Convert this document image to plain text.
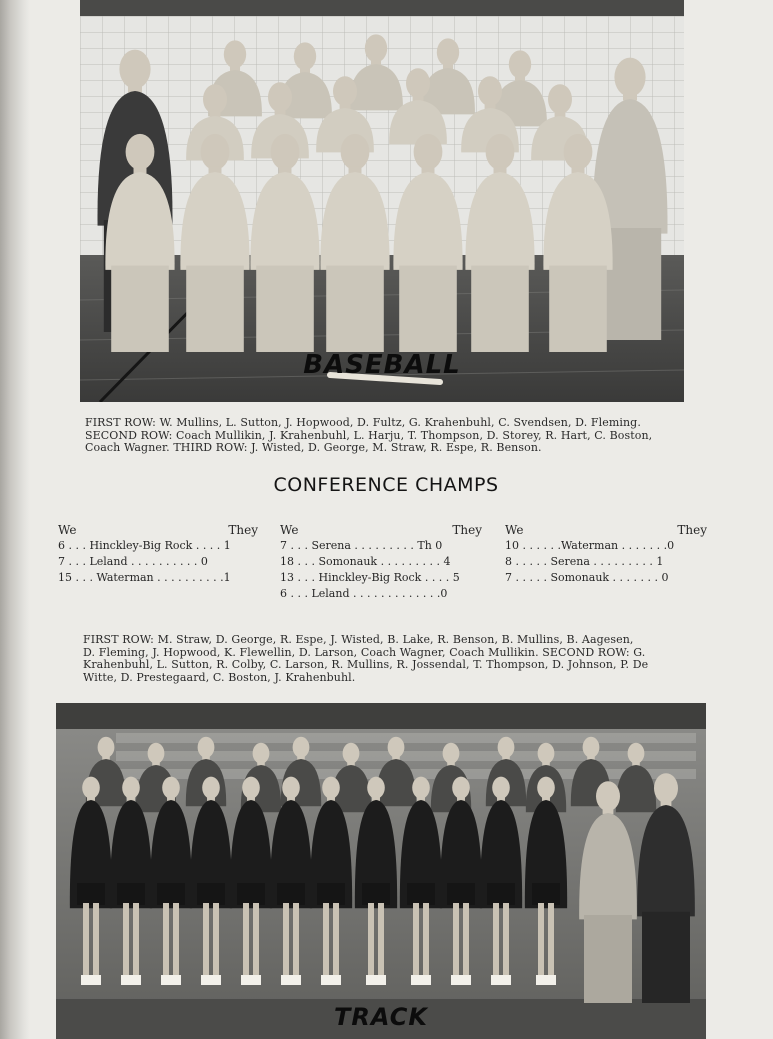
BASEBALL
FIRST ROW: W. Mullins, L. Sutton, J. Hopwood, D. Fultz, G. Krahenbuhl, C. Svendsen, D. Fleming.
SECOND ROW: Coach Mullikin, J. Krahenbuhl, L. Harju, T. Thompson, D. Storey, R. Hart, C. Boston,
Coach Wagner. THIRD ROW: J. Wisted, D. George, M. Straw, R. Espe, R. Benson.
CONFERENCE CHAMPS
We	They
6 . . . Hinckley-Big Rock . . . . 1
7 . . . Leland . . . . . . . . . . 0
15 . . . Waterman . . . . . . . . . .1
We	They
7 . . . Serena . . . . . . . . . Th 0
18 . . . Somonauk . . . . . . . . . 4
13 . . . Hinckley-Big Rock . . . . 5
6 . . . Leland . . . . . . . . . . . . .0
We	They
10 . . . . . .Waterman . . . . . . .0
8 . . . . . Serena . . . . . . . . . 1
7 . . . . . Somonauk . . . . . . . 0
FIRST ROW: M. Straw, D. George, R. Espe, J. Wisted, B. Lake, R. Benson, B. Mullins, B. Aagesen,
D. Fleming, J. Hopwood, K. Flewellin, D. Larson, Coach Wagner, Coach Mullikin. SECOND ROW: G.
Krahenbuhl, L. Sutton, R. Colby, C. Larson, R. Mullins, R. Jossendal, T. Thompson, D. Johnson, P. De
Witte, D. Prestegaard, C. Boston, J. Krahenbuhl.
TRACK
